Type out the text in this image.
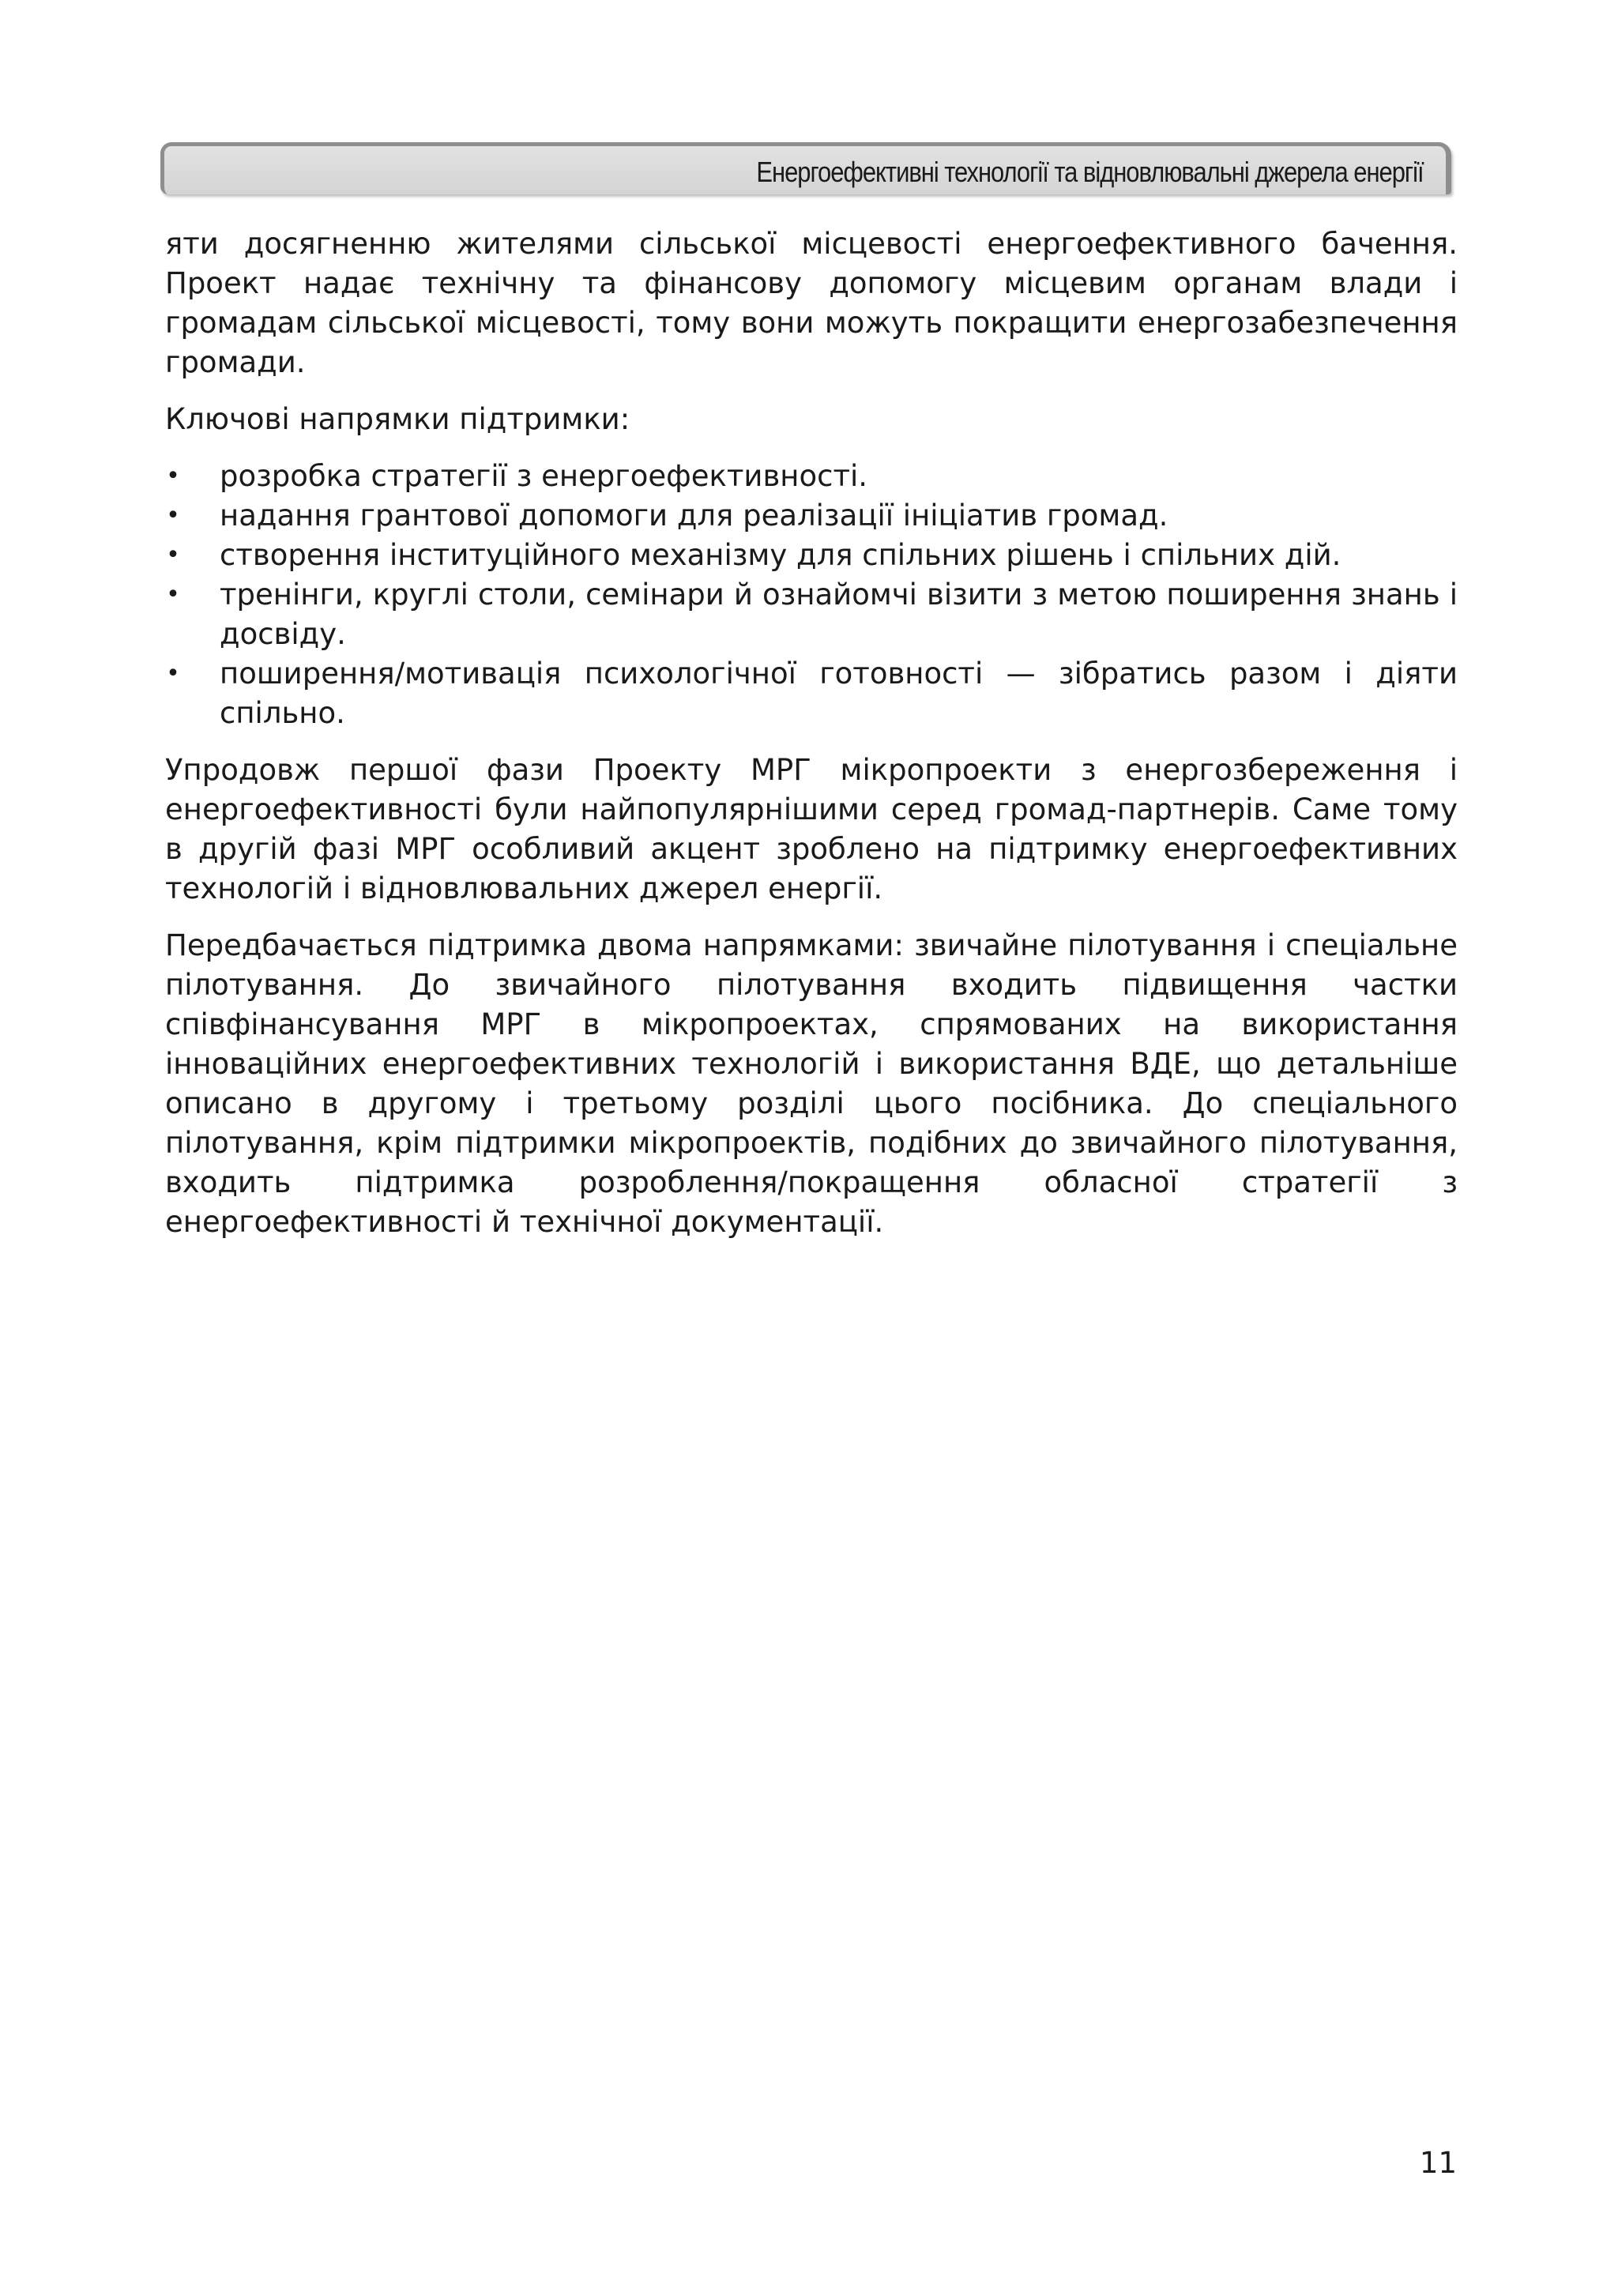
Енергоефективні технології та відновлювальні джерела енергії

яти досягненню жителями сільської місцевості енергоефективного бачення. Проект надає технічну та фінансову допомогу місцевим органам влади і громадам сільської місцевості, тому вони можуть покращити енергозабезпечення громади.

Ключові напрямки підтримки:

• розробка стратегії з енергоефективності.
• надання грантової допомоги для реалізації ініціатив громад.
• створення інституційного механізму для спільних рішень і спільних дій.
• тренінги, круглі столи, семінари й ознайомчі візити з метою поширення знань і досвіду.
• поширення/мотивація психологічної готовності — зібратись разом і діяти спільно.

Упродовж першої фази Проекту МРГ мікропроекти з енергозбереження і енергоефективності були найпопулярнішими серед громад-партнерів. Саме тому в другій фазі МРГ особливий акцент зроблено на підтримку енергоефективних технологій і відновлювальних джерел енергії.

Передбачається підтримка двома напрямками: звичайне пілотування і спеціальне пілотування. До звичайного пілотування входить підвищення частки співфінансування МРГ в мікропроектах, спрямованих на використання інноваційних енергоефективних технологій і використання ВДЕ, що детальніше описано в другому і третьому розділі цього посібника. До спеціального пілотування, крім підтримки мікропроектів, подібних до звичайного пілотування, входить підтримка розроблення/покращення обласної стратегії з енергоефективності й технічної документації.

11
